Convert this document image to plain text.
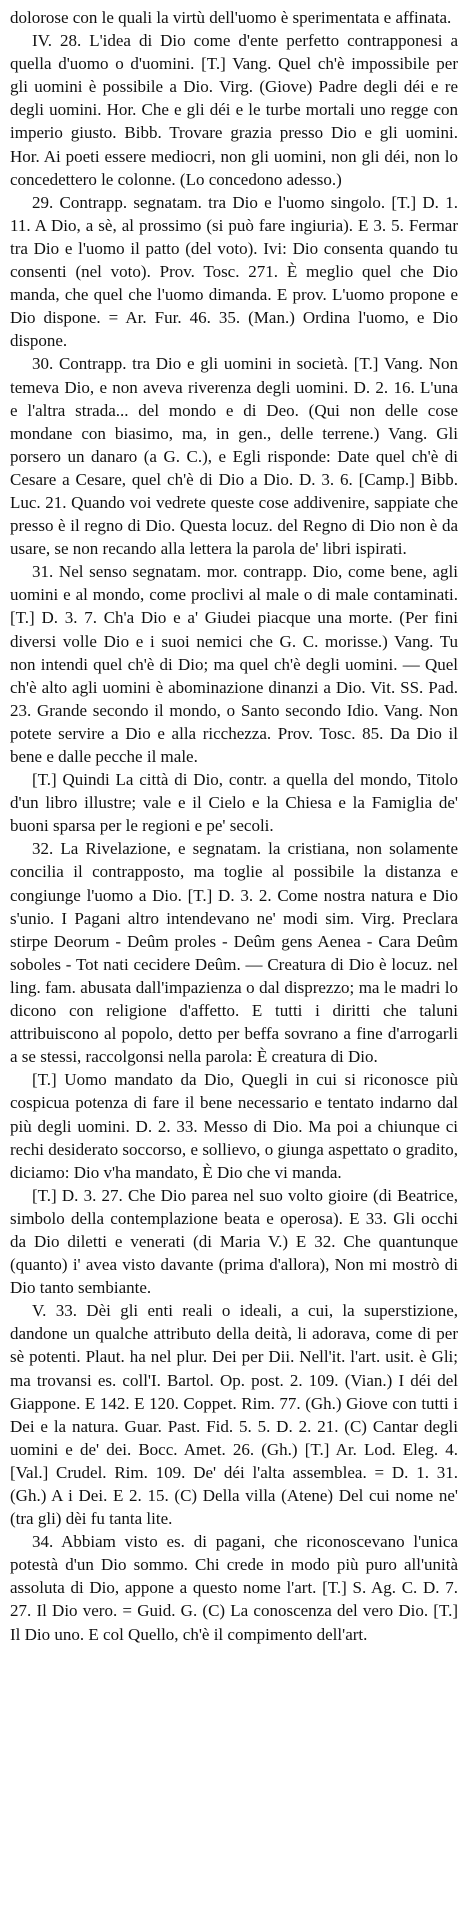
dolorose con le quali la virtù dell'uomo è sperimentata e affinata.

IV. 28. L'idea di Dio come d'ente perfetto contrapponesi a quella d'uomo o d'uomini. [T.] Vang. Quel ch'è impossibile per gli uomini è possibile a Dio. Virg. (Giove) Padre degli déi e re degli uomini. Hor. Che e gli déi e le turbe mortali uno regge con imperio giusto. Bibb. Trovare grazia presso Dio e gli uomini. Hor. Ai poeti essere mediocri, non gli uomini, non gli déi, non lo concedettero le colonne. (Lo concedono adesso.)

29. Contrapp. segnatam. tra Dio e l'uomo singolo. [T.] D. 1. 11. A Dio, a sè, al prossimo (si può fare ingiuria). E 3. 5. Fermar tra Dio e l'uomo il patto (del voto). Ivi: Dio consenta quando tu consenti (nel voto). Prov. Tosc. 271. È meglio quel che Dio manda, che quel che l'uomo dimanda. E prov. L'uomo propone e Dio dispone. = Ar. Fur. 46. 35. (Man.) Ordina l'uomo, e Dio dispone.

30. Contrapp. tra Dio e gli uomini in società. [T.] Vang. Non temeva Dio, e non aveva riverenza degli uomini. D. 2. 16. L'una e l'altra strada... del mondo e di Deo. (Qui non delle cose mondane con biasimo, ma, in gen., delle terrene.) Vang. Gli porsero un danaro (a G. C.), e Egli risponde: Date quel ch'è di Cesare a Cesare, quel ch'è di Dio a Dio. D. 3. 6. [Camp.] Bibb. Luc. 21. Quando voi vedrete queste cose addivenire, sappiate che presso è il regno di Dio. Questa locuz. del Regno di Dio non è da usare, se non recando alla lettera la parola de' libri ispirati.

31. Nel senso segnatam. mor. contrapp. Dio, come bene, agli uomini e al mondo, come proclivi al male o di male contaminati. [T.] D. 3. 7. Ch'a Dio e a' Giudei piacque una morte. (Per fini diversi volle Dio e i suoi nemici che G. C. morisse.) Vang. Tu non intendi quel ch'è di Dio; ma quel ch'è degli uomini. — Quel ch'è alto agli uomini è abominazione dinanzi a Dio. Vit. SS. Pad. 23. Grande secondo il mondo, o Santo secondo Idio. Vang. Non potete servire a Dio e alla ricchezza. Prov. Tosc. 85. Da Dio il bene e dalle pecche il male.

[T.] Quindi La città di Dio, contr. a quella del mondo, Titolo d'un libro illustre; vale e il Cielo e la Chiesa e la Famiglia de' buoni sparsa per le regioni e pe' secoli.

32. La Rivelazione, e segnatam. la cristiana, non solamente concilia il contrapposto, ma toglie al possibile la distanza e congiunge l'uomo a Dio. [T.] D. 3. 2. Come nostra natura e Dio s'unio. I Pagani altro intendevano ne' modi sim. Virg. Preclara stirpe Deorum - Deûm proles - Deûm gens Aenea - Cara Deûm soboles - Tot nati cecidere Deûm. — Creatura di Dio è locuz. nel ling. fam. abusata dall'impazienza o dal disprezzo; ma le madri lo dicono con religione d'affetto. E tutti i diritti che taluni attribuiscono al popolo, detto per beffa sovrano a fine d'arrogarli a se stessi, raccolgonsi nella parola: È creatura di Dio.

[T.] Uomo mandato da Dio, Quegli in cui si riconosce più cospicua potenza di fare il bene necessario e tentato indarno dal più degli uomini. D. 2. 33. Messo di Dio. Ma poi a chiunque ci rechi desiderato soccorso, e sollievo, o giunga aspettato o gradito, diciamo: Dio v'ha mandato, È Dio che vi manda.

[T.] D. 3. 27. Che Dio parea nel suo volto gioire (di Beatrice, simbolo della contemplazione beata e operosa). E 33. Gli occhi da Dio diletti e venerati (di Maria V.) E 32. Che quantunque (quanto) i' avea visto davante (prima d'allora), Non mi mostrò di Dio tanto sembiante.

V. 33. Dèi gli enti reali o ideali, a cui, la superstizione, dandone un qualche attributo della deità, li adorava, come di per sè potenti. Plaut. ha nel plur. Dei per Dii. Nell'it. l'art. usit. è Gli; ma trovansi es. coll'I. Bartol. Op. post. 2. 109. (Vian.) I déi del Giappone. E 142. E 120. Coppet. Rim. 77. (Gh.) Giove con tutti i Dei e la natura. Guar. Past. Fid. 5. 5. D. 2. 21. (C) Cantar degli uomini e de' dei. Bocc. Amet. 26. (Gh.) [T.] Ar. Lod. Eleg. 4. [Val.] Crudel. Rim. 109. De' déi l'alta assemblea. = D. 1. 31. (Gh.) A i Dei. E 2. 15. (C) Della villa (Atene) Del cui nome ne' (tra gli) dèi fu tanta lite.

34. Abbiam visto es. di pagani, che riconoscevano l'unica potestà d'un Dio sommo. Chi crede in modo più puro all'unità assoluta di Dio, appone a questo nome l'art. [T.] S. Ag. C. D. 7. 27. Il Dio vero. = Guid. G. (C) La conoscenza del vero Dio. [T.] Il Dio uno. E col Quello, ch'è il compimento dell'art.
